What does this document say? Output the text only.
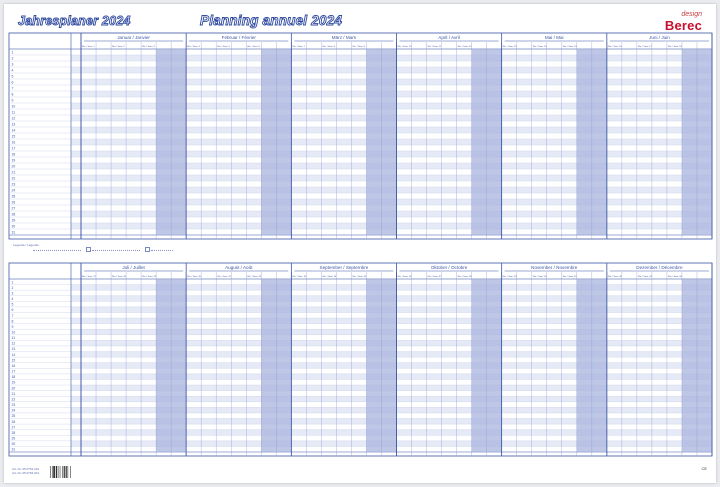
Jahresplaner 2024	Planning annuel 2024	design
Berec
1
2
3
4
5
6
7
8
9
10
11
12
13
14
15
16
17
18
19
20
21
22
23
24
25
26
27
28
29
30
31
Januar / Janvier
Wo. / Sem. 1	Wo. / Sem. 2	Wo. / Sem. 3
Februar / Février
Wo. / Sem. 4	Wo. / Sem. 5	Wo. / Sem. 6
März / Mars
Wo. / Sem. 7	Wo. / Sem. 8	Wo. / Sem. 9
April / Avril
Wo. / Sem. 10	Wo. / Sem. 11	Wo. / Sem. 12
Mai / Mai
Wo. / Sem. 13	Wo. / Sem. 14	Wo. / Sem. 15
Juni / Juin
Wo. / Sem. 16	Wo. / Sem. 17	Wo. / Sem. 18
1
2
3
4
5
6
7
8
9
10
11
12
13
14
15
16
17
18
19
20
21
22
23
24
25
26
27
28
29
30
31
Juli / Juillet
Wo. / Sem. 27	Wo. / Sem. 28	Wo. / Sem. 29
August / Août
Wo. / Sem. 30	Wo. / Sem. 31	Wo. / Sem. 32
September / Septembre
Wo. / Sem. 33	Wo. / Sem. 34	Wo. / Sem. 35
Oktober / Octobre
Wo. / Sem. 36	Wo. / Sem. 37	Wo. / Sem. 38
November / Novembre
Wo. / Sem. 39	Wo. / Sem. 40	Wo. / Sem. 41
Dezember / Décembre
Wo. / Sem. 42	Wo. / Sem. 43	Wo. / Sem. 44
Legende / Légende
Art.-Nr. 05 0763 210
Art.-Nr. 05 0763 201
CE
